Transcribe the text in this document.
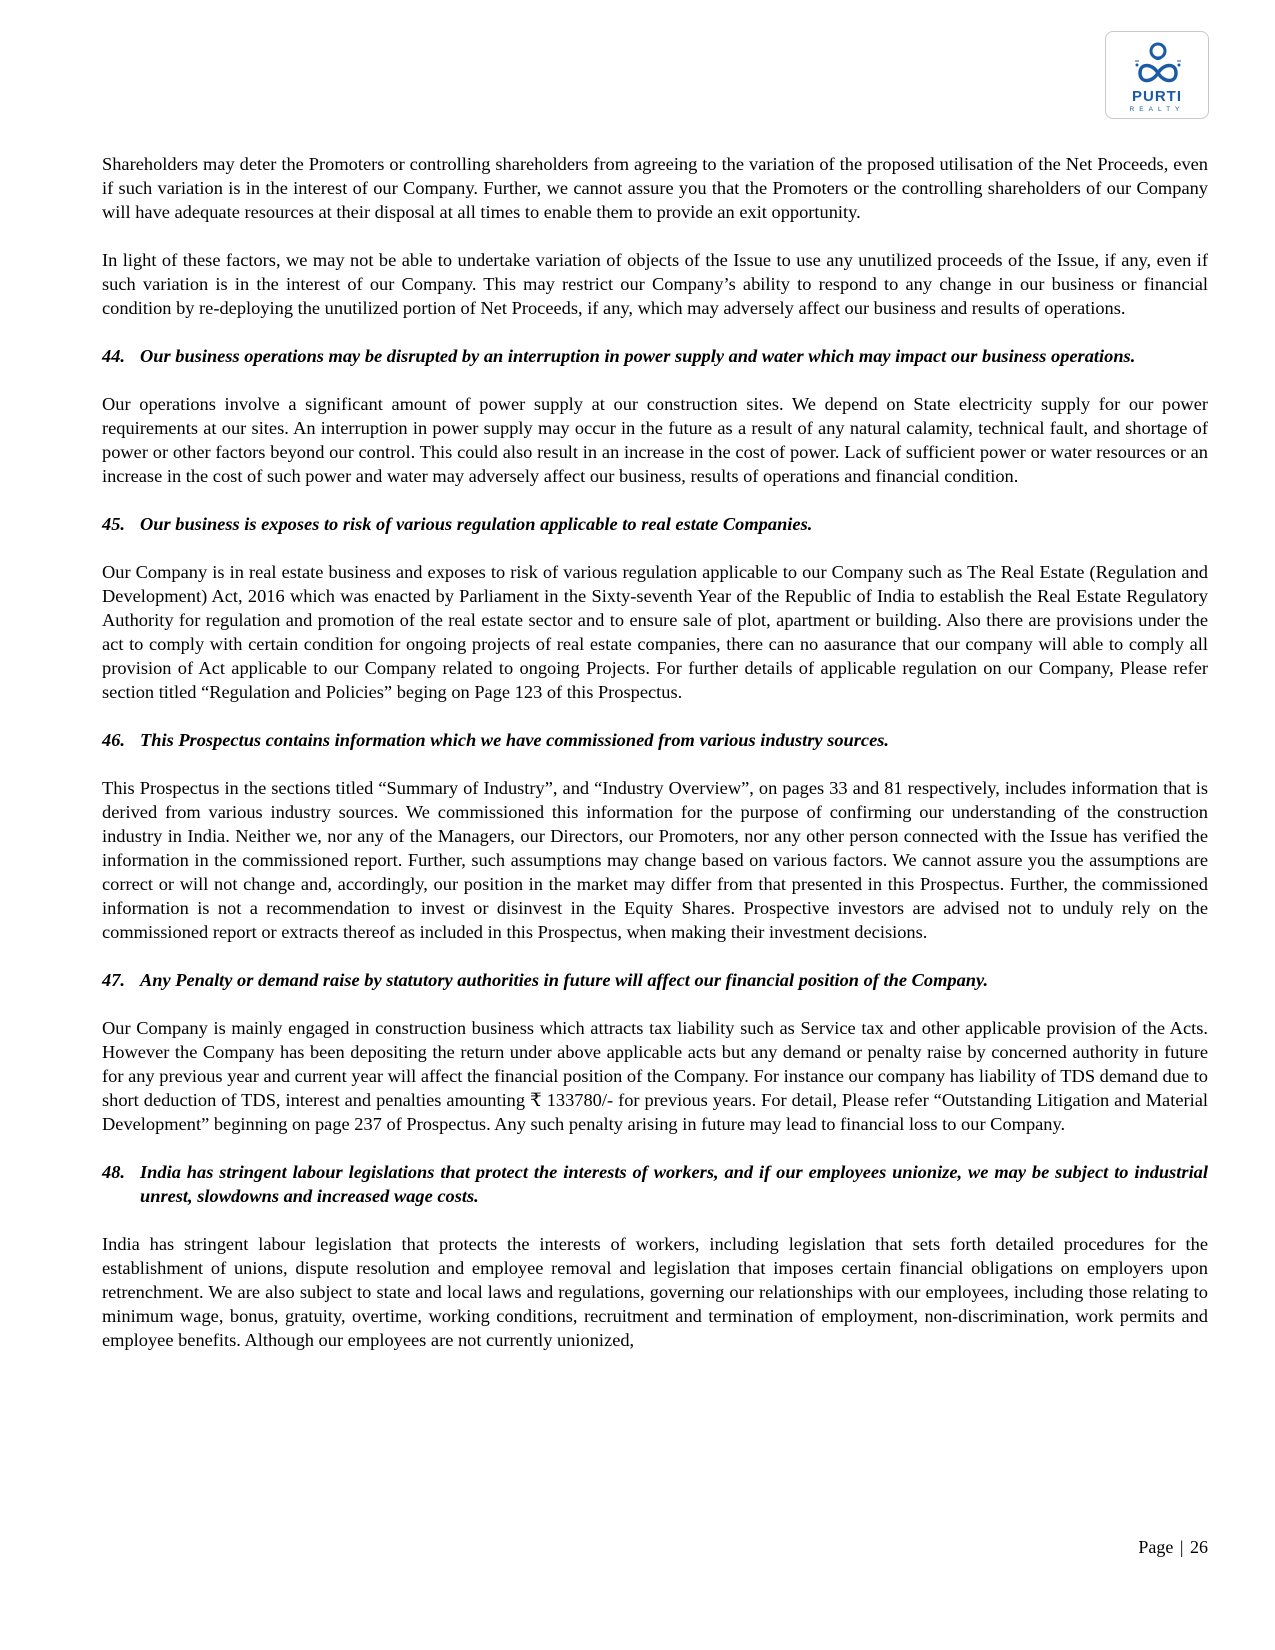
PURTI
REALTY

Shareholders may deter the Promoters or controlling shareholders from agreeing to the variation of the proposed utilisation of the Net Proceeds, even if such variation is in the interest of our Company. Further, we cannot assure you that the Promoters or the controlling shareholders of our Company will have adequate resources at their disposal at all times to enable them to provide an exit opportunity.

In light of these factors, we may not be able to undertake variation of objects of the Issue to use any unutilized proceeds of the Issue, if any, even if such variation is in the interest of our Company. This may restrict our Company’s ability to respond to any change in our business or financial condition by re-deploying the unutilized portion of Net Proceeds, if any, which may adversely affect our business and results of operations.

44. Our business operations may be disrupted by an interruption in power supply and water which may impact our business operations.

Our operations involve a significant amount of power supply at our construction sites. We depend on State electricity supply for our power requirements at our sites. An interruption in power supply may occur in the future as a result of any natural calamity, technical fault, and shortage of power or other factors beyond our control. This could also result in an increase in the cost of power. Lack of sufficient power or water resources or an increase in the cost of such power and water may adversely affect our business, results of operations and financial condition.

45. Our business is exposes to risk of various regulation applicable to real estate Companies.

Our Company is in real estate business and exposes to risk of various regulation applicable to our Company such as The Real Estate (Regulation and Development) Act, 2016 which was enacted by Parliament in the Sixty-seventh Year of the Republic of India to establish the Real Estate Regulatory Authority for regulation and promotion of the real estate sector and to ensure sale of plot, apartment or building. Also there are provisions under the act to comply with certain condition for ongoing projects of real estate companies, there can no aasurance that our company will able to comply all provision of Act applicable to our Company related to ongoing Projects. For further details of applicable regulation on our Company, Please refer section titled “Regulation and Policies” beging on Page 123 of this Prospectus.

46. This Prospectus contains information which we have commissioned from various industry sources.

This Prospectus in the sections titled “Summary of Industry”, and “Industry Overview”, on pages 33 and 81 respectively, includes information that is derived from various industry sources. We commissioned this information for the purpose of confirming our understanding of the construction industry in India. Neither we, nor any of the Managers, our Directors, our Promoters, nor any other person connected with the Issue has verified the information in the commissioned report. Further, such assumptions may change based on various factors. We cannot assure you the assumptions are correct or will not change and, accordingly, our position in the market may differ from that presented in this Prospectus. Further, the commissioned information is not a recommendation to invest or disinvest in the Equity Shares. Prospective investors are advised not to unduly rely on the commissioned report or extracts thereof as included in this Prospectus, when making their investment decisions.

47. Any Penalty or demand raise by statutory authorities in future will affect our financial position of the Company.

Our Company is mainly engaged in construction business which attracts tax liability such as Service tax and other applicable provision of the Acts. However the Company has been depositing the return under above applicable acts but any demand or penalty raise by concerned authority in future for any previous year and current year will affect the financial position of the Company. For instance our company has liability of TDS demand due to short deduction of TDS, interest and penalties amounting ₹ 133780/- for previous years. For detail, Please refer “Outstanding Litigation and Material Development” beginning on page 237 of Prospectus. Any such penalty arising in future may lead to financial loss to our Company.

48. India has stringent labour legislations that protect the interests of workers, and if our employees unionize, we may be subject to industrial unrest, slowdowns and increased wage costs.

India has stringent labour legislation that protects the interests of workers, including legislation that sets forth detailed procedures for the establishment of unions, dispute resolution and employee removal and legislation that imposes certain financial obligations on employers upon retrenchment. We are also subject to state and local laws and regulations, governing our relationships with our employees, including those relating to minimum wage, bonus, gratuity, overtime, working conditions, recruitment and termination of employment, non-discrimination, work permits and employee benefits. Although our employees are not currently unionized,

Page | 26
